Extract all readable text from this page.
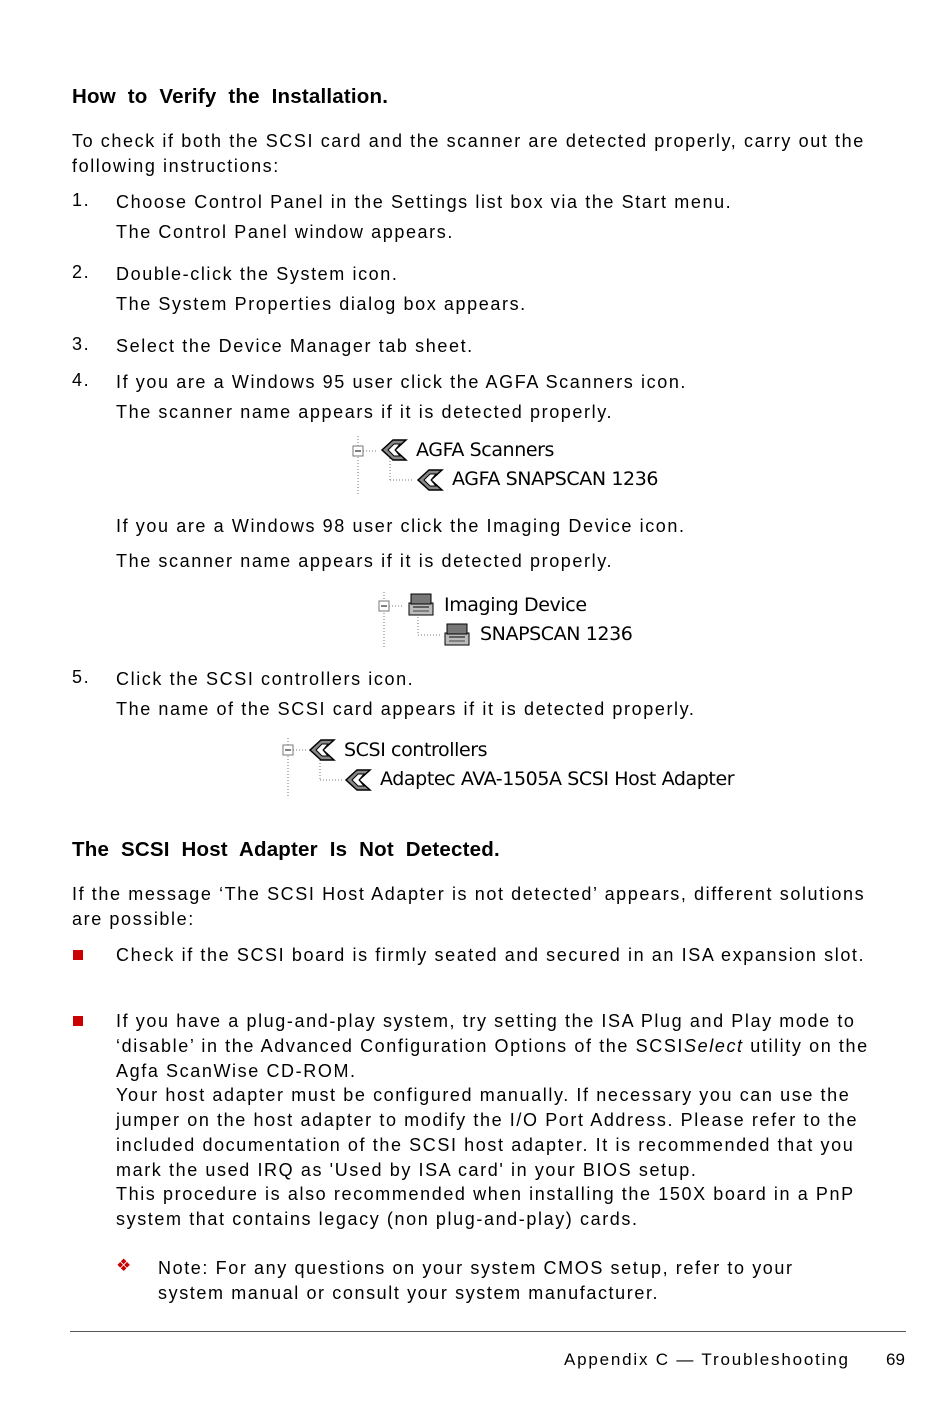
How to Verify the Installation.
To check if both the SCSI card and the scanner are detected properly, carry out the following instructions:
1. Choose Control Panel in the Settings list box via the Start menu.
The Control Panel window appears.
2. Double-click the System icon.
The System Properties dialog box appears.
3. Select the Device Manager tab sheet.
4. If you are a Windows 95 user click the AGFA Scanners icon.
The scanner name appears if it is detected properly.
AGFA Scanners
AGFA SNAPSCAN 1236
If you are a Windows 98 user click the Imaging Device icon.
The scanner name appears if it is detected properly.
Imaging Device
SNAPSCAN 1236
5. Click the SCSI controllers icon.
The name of the SCSI card appears if it is detected properly.
SCSI controllers
Adaptec AVA-1505A SCSI Host Adapter
The SCSI Host Adapter Is Not Detected.
If the message ‘The SCSI Host Adapter is not detected’ appears, different solutions are possible:
Check if the SCSI board is firmly seated and secured in an ISA expansion slot.
If you have a plug-and-play system, try setting the ISA Plug and Play mode to ‘disable’ in the Advanced Configuration Options of the SCSISelect utility on the Agfa ScanWise CD-ROM.
Your host adapter must be configured manually. If necessary you can use the jumper on the host adapter to modify the I/O Port Address. Please refer to the included documentation of the SCSI host adapter. It is recommended that you mark the used IRQ as 'Used by ISA card' in your BIOS setup.
This procedure is also recommended when installing the 150X board in a PnP system that contains legacy (non plug-and-play) cards.
❖ Note: For any questions on your system CMOS setup, refer to your system manual or consult your system manufacturer.
Appendix C — Troubleshooting 69
